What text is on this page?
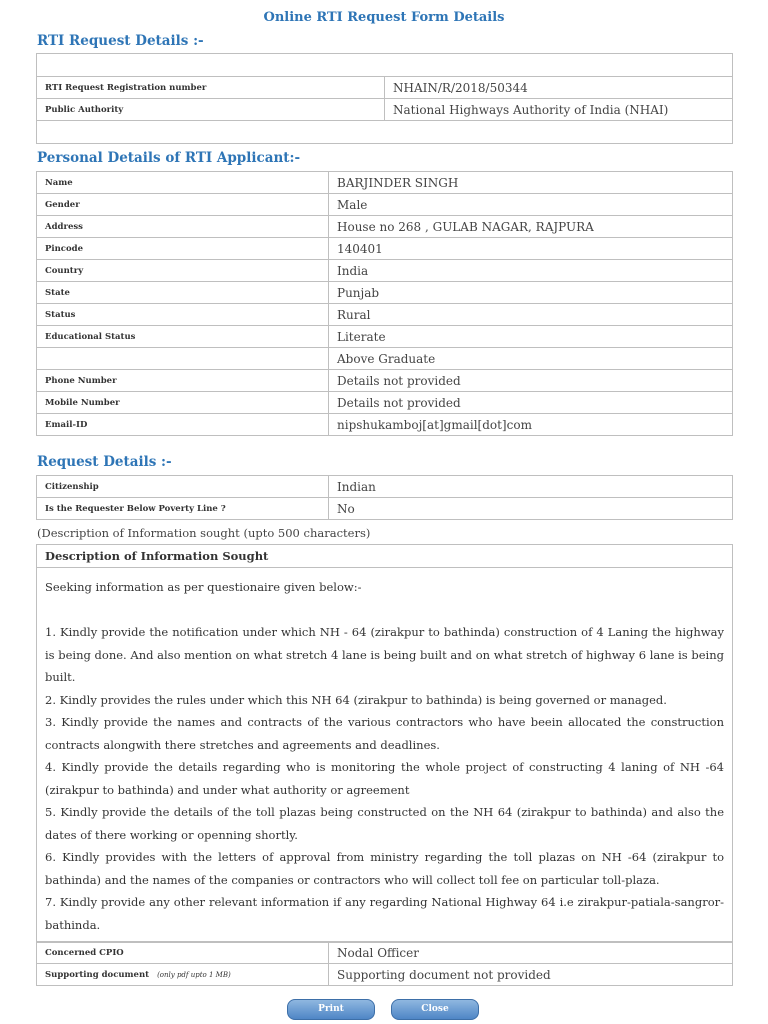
Online RTI Request Form Details
RTI Request Details :-

RTI Request Registration number	NHAIN/R/2018/50344
Public Authority	National Highways Authority of India (NHAI)

Personal Details of RTI Applicant:-
Name	BARJINDER SINGH
Gender	Male
Address	House no 268 , GULAB NAGAR, RAJPURA
Pincode	140401
Country	India
State	Punjab
Status	Rural
Educational Status	Literate
	Above Graduate
Phone Number	Details not provided
Mobile Number	Details not provided
Email-ID	nipshukamboj[at]gmail[dot]com
Request Details :-
Citizenship	Indian
Is the Requester Below Poverty Line ?	No
(Description of Information sought (upto 500 characters)
Description of Information Sought

Seeking information as per questionaire given below:-

1. Kindly provide the notification under which NH - 64 (zirakpur to bathinda) construction of 4 Laning the highway is being done. And also mention on what stretch 4 lane is being built and on what stretch of highway 6 lane is being built.

2. Kindly provides the rules under which this NH 64 (zirakpur to bathinda) is being governed or managed.

3. Kindly provide the names and contracts of the various contractors who have beein allocated the construction contracts alongwith there stretches and agreements and deadlines.

4. Kindly provide the details regarding who is monitoring the whole project of constructing 4 laning of NH -64 (zirakpur to bathinda) and under what authority or agreement

5. Kindly provide the details of the toll plazas being constructed on the NH 64 (zirakpur to bathinda) and also the dates of there working or openning shortly.

6. Kindly provides with the letters of approval from ministry regarding the toll plazas on NH -64 (zirakpur to bathinda) and the names of the companies or contractors who will collect toll fee on particular toll-plaza.

7. Kindly provide any other relevant information if any regarding National Highway 64 i.e zirakpur-patiala-sangror-bathinda.

Concerned CPIO	Nodal Officer
Supporting document (only pdf upto 1 MB)	Supporting document not provided
Print	Close
